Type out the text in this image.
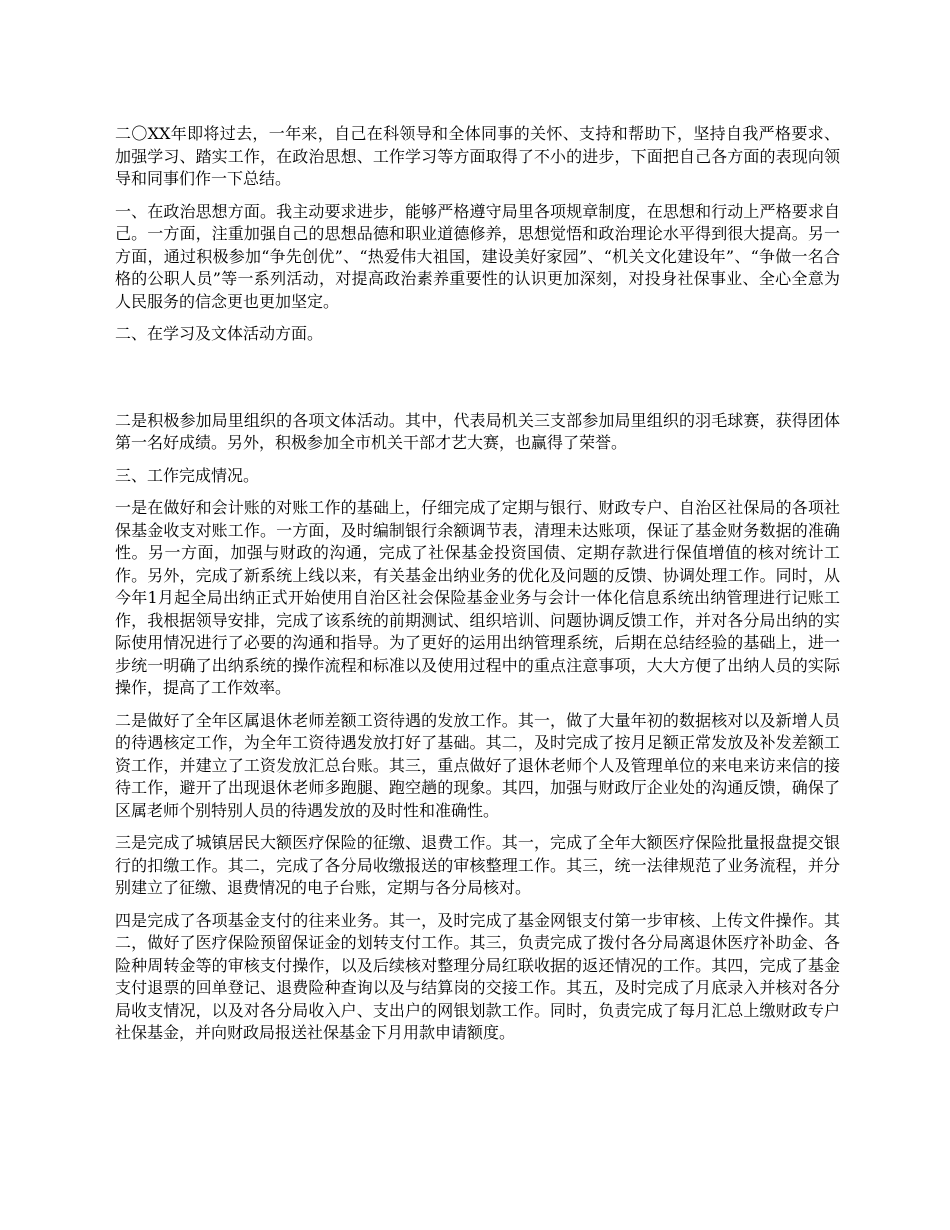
二〇XX年即将过去，一年来，自己在科领导和全体同事的关怀、支持和帮助下，坚持自我严格要求、加强学习、踏实工作，在政治思想、工作学习等方面取得了不小的进步，下面把自己各方面的表现向领导和同事们作一下总结。

一、在政治思想方面。我主动要求进步，能够严格遵守局里各项规章制度，在思想和行动上严格要求自己。一方面，注重加强自己的思想品德和职业道德修养，思想觉悟和政治理论水平得到很大提高。另一方面，通过积极参加“争先创优”、“热爱伟大祖国，建设美好家园”、“机关文化建设年”、“争做一名合格的公职人员”等一系列活动，对提高政治素养重要性的认识更加深刻，对投身社保事业、全心全意为人民服务的信念更也更加坚定。

二、在学习及文体活动方面。

二是积极参加局里组织的各项文体活动。其中，代表局机关三支部参加局里组织的羽毛球赛，获得团体第一名好成绩。另外，积极参加全市机关干部才艺大赛，也赢得了荣誉。

三、工作完成情况。

一是在做好和会计账的对账工作的基础上，仔细完成了定期与银行、财政专户、自治区社保局的各项社保基金收支对账工作。一方面，及时编制银行余额调节表，清理未达账项，保证了基金财务数据的准确性。另一方面，加强与财政的沟通，完成了社保基金投资国债、定期存款进行保值增值的核对统计工作。另外，完成了新系统上线以来，有关基金出纳业务的优化及问题的反馈、协调处理工作。同时，从今年1月起全局出纳正式开始使用自治区社会保险基金业务与会计一体化信息系统出纳管理进行记账工作，我根据领导安排，完成了该系统的前期测试、组织培训、问题协调反馈工作，并对各分局出纳的实际使用情况进行了必要的沟通和指导。为了更好的运用出纳管理系统，后期在总结经验的基础上，进一步统一明确了出纳系统的操作流程和标准以及使用过程中的重点注意事项，大大方便了出纳人员的实际操作，提高了工作效率。

二是做好了全年区属退休老师差额工资待遇的发放工作。其一，做了大量年初的数据核对以及新增人员的待遇核定工作，为全年工资待遇发放打好了基础。其二，及时完成了按月足额正常发放及补发差额工资工作，并建立了工资发放汇总台账。其三，重点做好了退休老师个人及管理单位的来电来访来信的接待工作，避开了出现退休老师多跑腿、跑空趟的现象。其四，加强与财政厅企业处的沟通反馈，确保了区属老师个别特别人员的待遇发放的及时性和准确性。

三是完成了城镇居民大额医疗保险的征缴、退费工作。其一，完成了全年大额医疗保险批量报盘提交银行的扣缴工作。其二，完成了各分局收缴报送的审核整理工作。其三，统一法律规范了业务流程，并分别建立了征缴、退费情况的电子台账，定期与各分局核对。

四是完成了各项基金支付的往来业务。其一，及时完成了基金网银支付第一步审核、上传文件操作。其二，做好了医疗保险预留保证金的划转支付工作。其三，负责完成了拨付各分局离退休医疗补助金、各险种周转金等的审核支付操作，以及后续核对整理分局红联收据的返还情况的工作。其四，完成了基金支付退票的回单登记、退费险种查询以及与结算岗的交接工作。其五，及时完成了月底录入并核对各分局收支情况，以及对各分局收入户、支出户的网银划款工作。同时，负责完成了每月汇总上缴财政专户社保基金，并向财政局报送社保基金下月用款申请额度。
